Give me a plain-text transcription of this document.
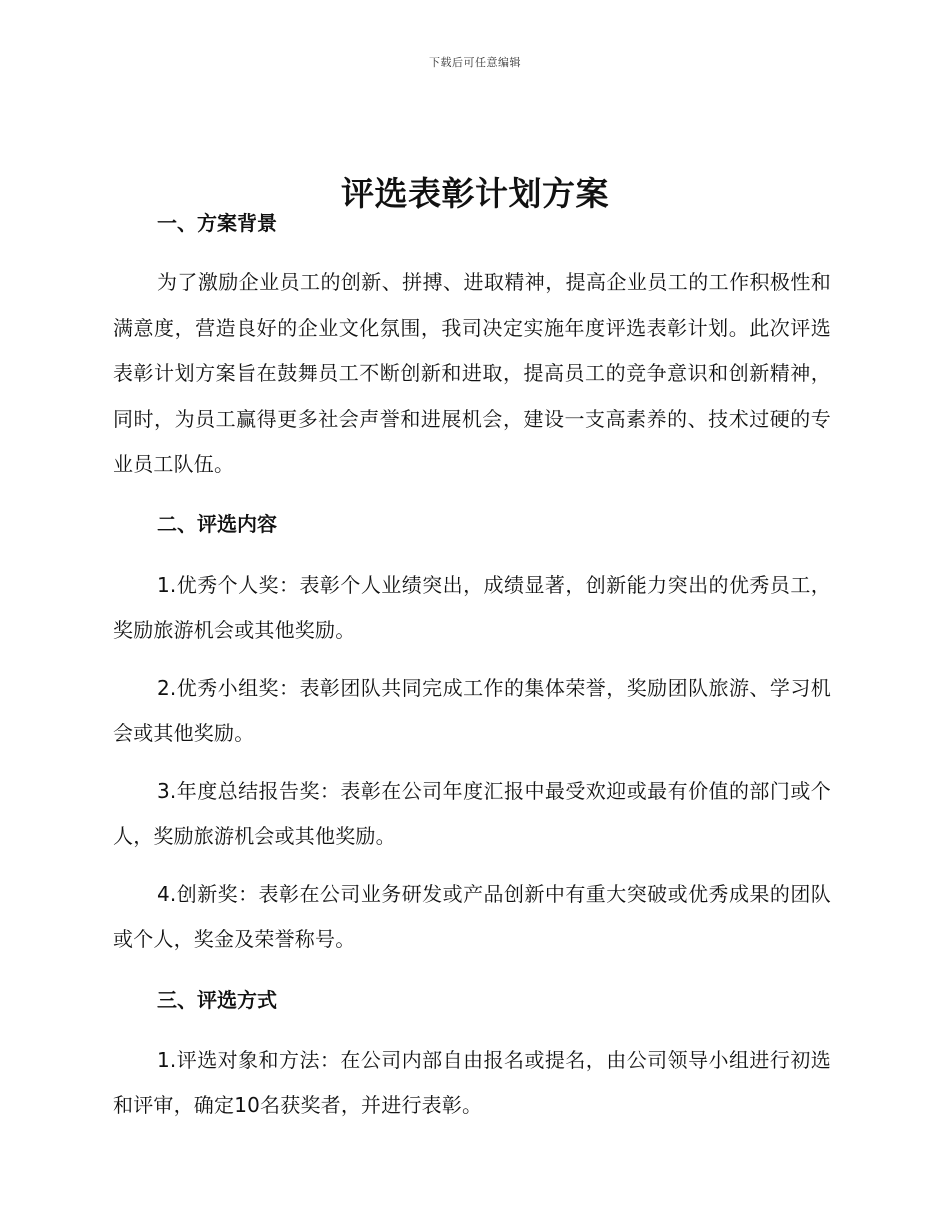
下载后可任意编辑
评选表彰计划方案
一、方案背景

为了激励企业员工的创新、拼搏、进取精神，提高企业员工的工作积极性和满意度，营造良好的企业文化氛围，我司决定实施年度评选表彰计划。此次评选表彰计划方案旨在鼓舞员工不断创新和进取，提高员工的竞争意识和创新精神，同时，为员工赢得更多社会声誉和进展机会，建设一支高素养的、技术过硬的专业员工队伍。

二、评选内容

1.优秀个人奖：表彰个人业绩突出，成绩显著，创新能力突出的优秀员工，奖励旅游机会或其他奖励。

2.优秀小组奖：表彰团队共同完成工作的集体荣誉，奖励团队旅游、学习机会或其他奖励。

3.年度总结报告奖：表彰在公司年度汇报中最受欢迎或最有价值的部门或个人，奖励旅游机会或其他奖励。

4.创新奖：表彰在公司业务研发或产品创新中有重大突破或优秀成果的团队或个人，奖金及荣誉称号。

三、评选方式

1.评选对象和方法：在公司内部自由报名或提名，由公司领导小组进行初选和评审，确定10名获奖者，并进行表彰。
